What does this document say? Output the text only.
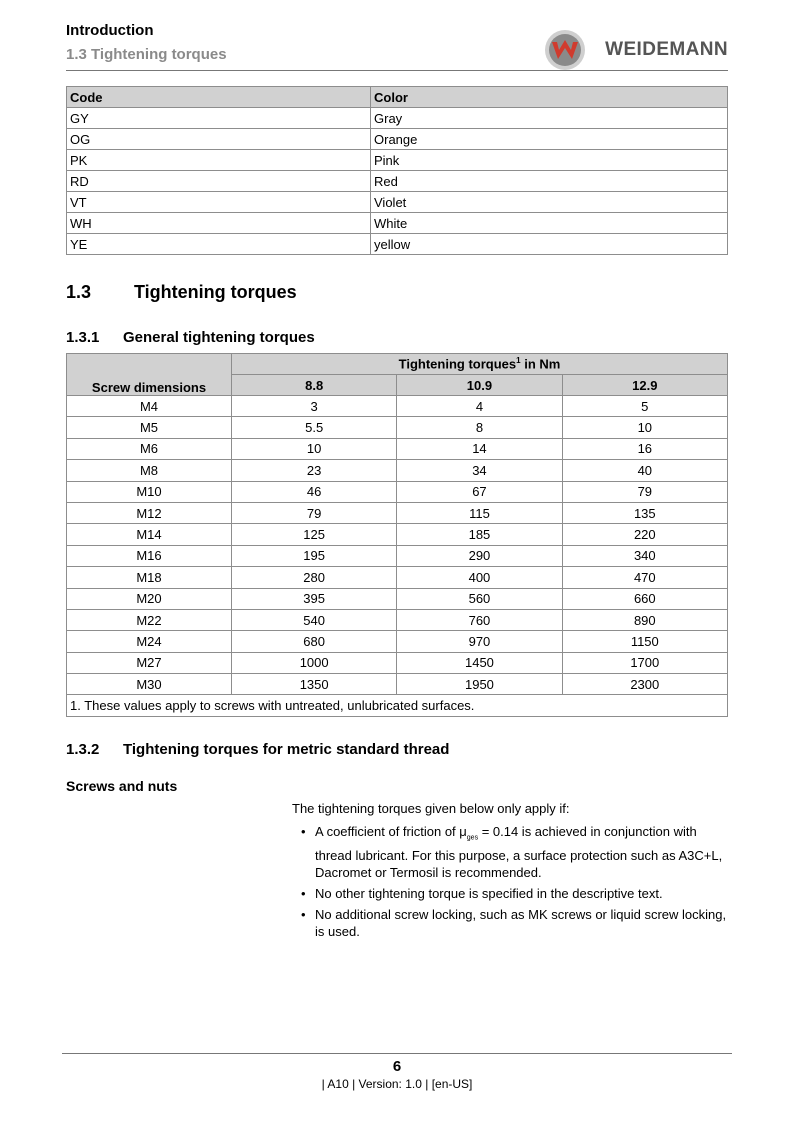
Introduction
1.3 Tightening torques	WEIDEMANN
Code	Color
GY	Gray
OG	Orange
PK	Pink
RD	Red
VT	Violet
WH	White
YE	yellow
1.3 Tightening torques
1.3.1 General tightening torques
Screw dimensions	Tightening torques$^1$ in Nm		
	8.8	10.9	12.9
M4	3	4	5
M5	5.5	8	10
M6	10	14	16
M8	23	34	40
M10	46	67	79
M12	79	115	135
M14	125	185	220
M16	195	290	340
M18	280	400	470
M20	395	560	660
M22	540	760	890
M24	680	970	1150
M27	1000	1450	1700
M30	1350	1950	2300
1. These values apply to screws with untreated, unlubricated surfaces.			
1.3.2 Tightening torques for metric standard thread
Screws and nuts
The tightening torques given below only apply if:
• A coefficient of friction of $\mu_{ges} = 0.14$ is achieved in conjunction with thread lubricant. For this purpose, a surface protection such as A3C+L, Dacromet or Termosil is recommended.
• No other tightening torque is specified in the descriptive text.
• No additional screw locking, such as MK screws or liquid screw locking, is used.
6
| A10 | Version: 1.0 | [en-US]
